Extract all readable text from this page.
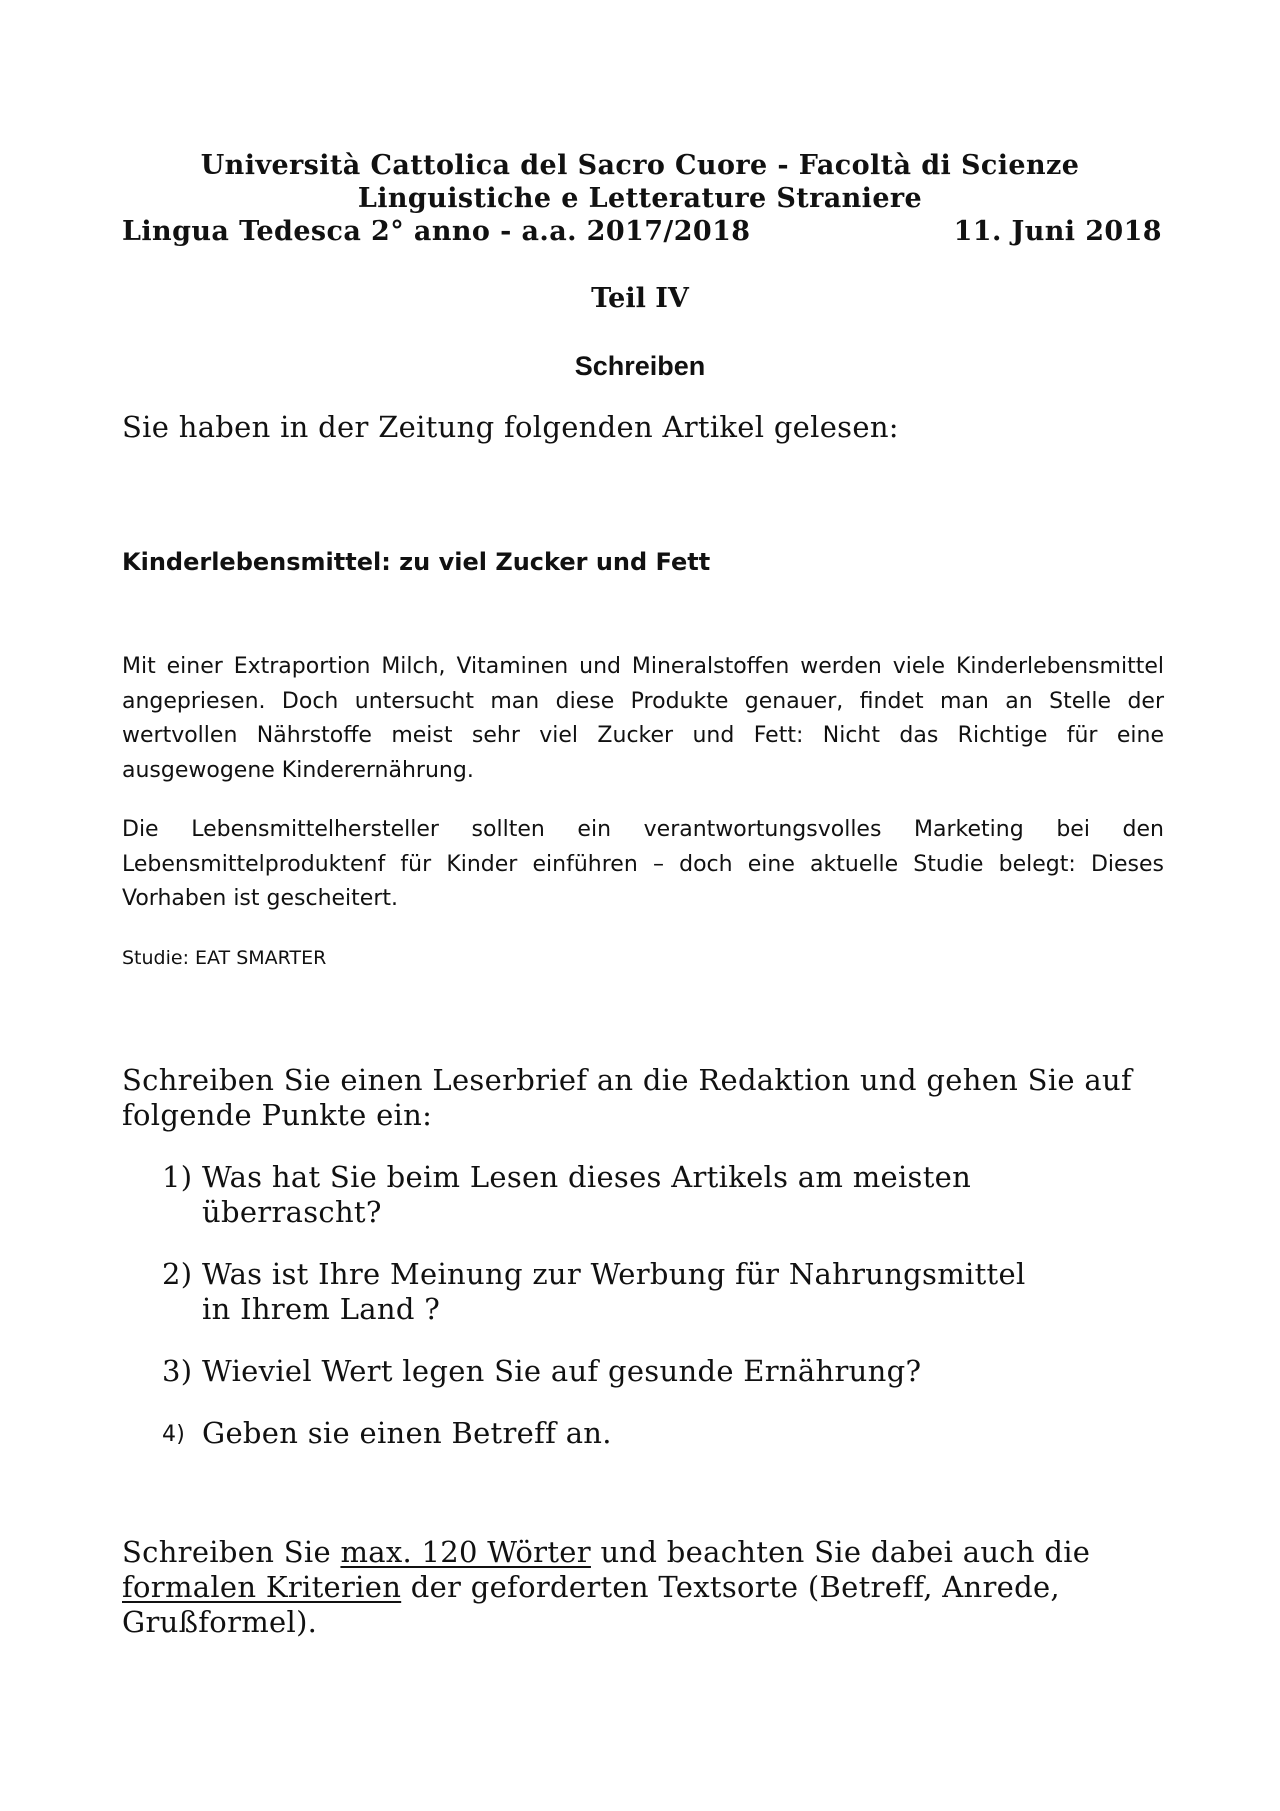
Università Cattolica del Sacro Cuore - Facoltà di Scienze
Linguistiche e Letterature Straniere
Lingua Tedesca 2° anno - a.a. 2017/2018	11. Juni 2018
Teil IV
Schreiben
Sie haben in der Zeitung folgenden Artikel gelesen:
Kinderlebensmittel: zu viel Zucker und Fett
Mit einer Extraportion Milch, Vitaminen und Mineralstoffen werden viele Kinderlebensmittel angepriesen. Doch untersucht man diese Produkte genauer, findet man an Stelle der wertvollen Nährstoffe meist sehr viel Zucker und Fett: Nicht das Richtige für eine ausgewogene Kinderernährung.
Die Lebensmittelhersteller sollten ein verantwortungsvolles Marketing bei den Lebensmittelproduktenf für Kinder einführen – doch eine aktuelle Studie belegt: Dieses Vorhaben ist gescheitert.
Studie: EAT SMARTER
Schreiben Sie einen Leserbrief an die Redaktion und gehen Sie auf folgende Punkte ein:
1) Was hat Sie beim Lesen dieses Artikels am meisten überrascht?
2) Was ist Ihre Meinung zur Werbung für Nahrungsmittel in Ihrem Land ?
3) Wieviel Wert legen Sie auf gesunde Ernährung?
4) Geben sie einen Betreff an.
Schreiben Sie max. 120 Wörter und beachten Sie dabei auch die formalen Kriterien der geforderten Textsorte (Betreff, Anrede, Grußformel).
